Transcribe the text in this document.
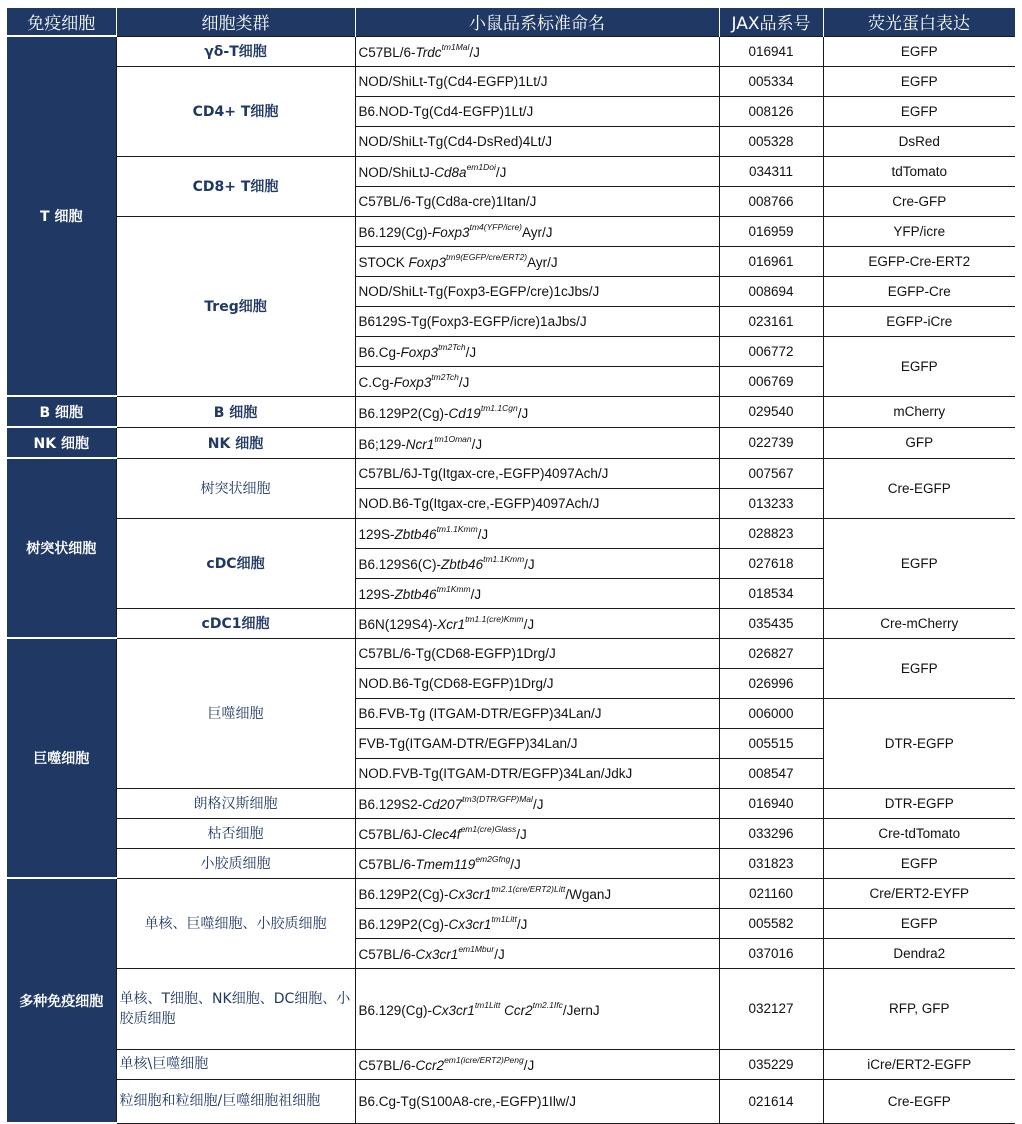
免疫细胞	细胞类群	小鼠品系标准命名	JAX品系号	荧光蛋白表达
T 细胞	γδ-T细胞	C57BL/6-Trdc$^{tm1Mal}$/J	016941	EGFP
	CD4+ T细胞	NOD/ShiLt-Tg(Cd4-EGFP)1Lt/J	005334	EGFP
		B6.NOD-Tg(Cd4-EGFP)1Lt/J	008126	EGFP
		NOD/ShiLt-Tg(Cd4-DsRed)4Lt/J	005328	DsRed
	CD8+ T细胞	NOD/$ShiLtJ-Cd8a^{em1Doi}/J$	034311	tdTomato
		C57BL/6-Tg(Cd8a-cre)1Itan/J	008766	Cre-GFP
	Treg细胞	$B6.129(Cg)-Foxp3^{tm4(YFP/icre)}Ayr/J$	016959	YFP/icre
		STOCK $Foxp3^{tm9(EGFP/cre/ERT2)}Ayr/J$	016961	EGFP-Cre-ERT2
		NOD/ShiLt-Tg(Foxp3-EGFP/cre)1cJbs/J	008694	EGFP-Cre
		B6129S-Tg(Foxp3-EGFP/icre)1aJbs/J	023161	EGFP-iCre
		$B6.Cg-Foxp3^{tm2Tch}/J$	006772	EGFP
		$C.Cg-Foxp3^{tm2Tch}/J$	006769	
B 细胞	B 细胞	$B6.129P2(Cg)-Cd19^{tm1.1Cgn}/J$	029540	mCherry
NK 细胞	NK 细胞	$B6;129-Ncr1^{tm1Oman}/J$	022739	GFP
树突状细胞	树突状细胞	C57BL/6J-Tg(Itgax-cre,-EGFP)4097Ach/J	007567	Cre-EGFP
		NOD.B6-Tg(Itgax-cre,-EGFP)4097Ach/J	013233	
	cDC细胞	$129S-Zbtb46^{tm1.1Kmm}/J$	028823	EGFP
		$B6.129S6(C)-Zbtb46^{tm1.1Kmm}/J$	027618	
		$129S-Zbtb46^{tm1Kmm}/J$	018534	
	cDC1细胞	$B6N(129S4)-Xcr1^{tm1.1(cre)Kmm}/J$	035435	Cre-mCherry
巨噬细胞	巨噬细胞	C57BL/6-Tg(CD68-EGFP)1Drg/J	026827	EGFP
		NOD.B6-Tg(CD68-EGFP)1Drg/J	026996	
		B6.FVB-Tg (ITGAM-DTR/EGFP)34Lan/J	006000	DTR-EGFP
		FVB-Tg(ITGAM-DTR/EGFP)34Lan/J	005515	
		NOD.FVB-Tg(ITGAM-DTR/EGFP)34Lan/JdkJ	008547	
	朗格汉斯细胞	$B6.129S2-Cd207^{tm3(DTR/GFP)Mal}/J$	016940	DTR-EGFP
	枯否细胞	$C57BL/6J-Clec4f^{em1(cre)Glass}/J$	033296	Cre-tdTomato
	小胶质细胞	$C57BL/6-Tmem119^{em2Gfng}/J$	031823	EGFP
多种免疫细胞	单核、巨噬细胞、小胶质细胞	$B6.129P2(Cg)-Cx3cr1^{tm2.1(cre/ERT2)Litt}$/WganJ	021160	Cre/ERT2-EYFP
		$B6.129P2(Cg)-Cx3cr1^{tm1Litt}/J$	005582	EGFP
		$C57BL/6-Cx3cr1^{em1Mbur}/J$	037016	Dendra2
	单核、T细胞、NK细胞、DC细胞、小胶质细胞	$B6.129(Cg)-Cx3cr1^{tm1Litt}$ $Ccr2^{tm2.1Ifc}$/JernJ	032127	RFP, GFP
	单核\巨噬细胞	$C57BL/6-Ccr2^{em1(icre/ERT2)Peng}/J$	035229	iCre/ERT2-EGFP
	粒细胞和粒细胞/巨噬细胞祖细胞	B6.Cg-Tg(S100A8-cre,-EGFP)1Ilw/J	021614	Cre-EGFP
